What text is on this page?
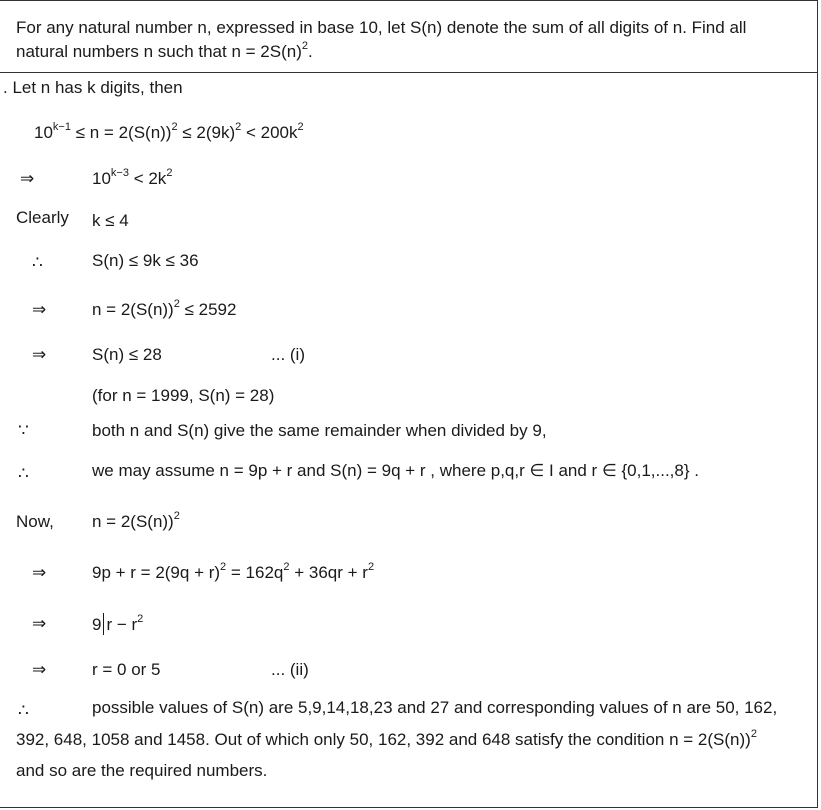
For any natural number n, expressed in base 10, let S(n) denote the sum of all digits of n. Find all
natural numbers n such that $n = 2S(n)^2$.
. Let n has k digits, then
$10^{k-1} \le n = 2(S(n))^2 \le 2(9k)^2 < 200k^2$
⇒	$10^{k-3} < 2k^2$
Clearly k ≤ 4
∴	S(n) ≤ 9k ≤ 36
⇒	$n = 2(S(n))^2 \le 2592$
⇒	S(n) ≤ 28	... (i)
(for n = 1999, S(n) = 28)
∵	both n and S(n) give the same remainder when divided by 9,
∴	we may assume n = 9p + r and S(n) = 9q + r , where p,q,r ∈ I and r ∈ {0,1,...,8} .
Now, $n = 2(S(n))^2$
⇒	$9p + r = 2(9q + r)^2 = 162q^2 + 36qr + r^2$
⇒	9 $r - r^2$
⇒	r = 0 or 5	... (ii)
∴	possible values of S(n) are 5,9,14,18,23 and 27 and corresponding values of n are 50, 162,
392, 648, 1058 and 1458. Out of which only 50, 162, 392 and 648 satisfy the condition $n = 2(S(n))^2$
and so are the required numbers.
